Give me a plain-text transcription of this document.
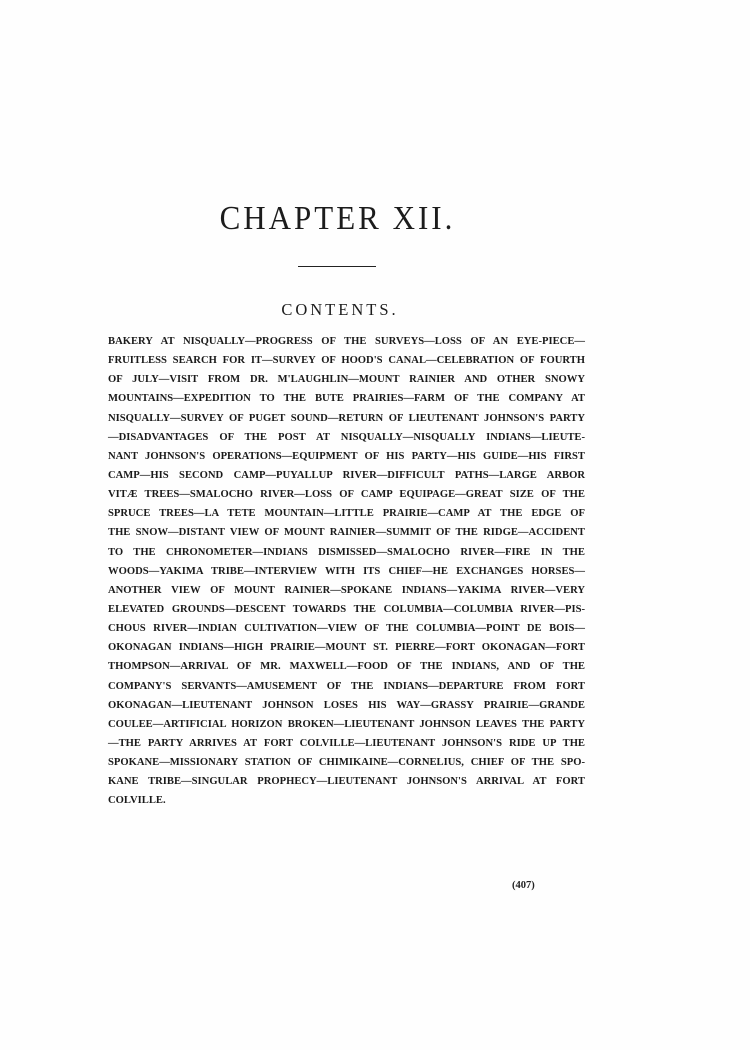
CHAPTER XII.
CONTENTS.
BAKERY AT NISQUALLY—PROGRESS OF THE SURVEYS—LOSS OF AN EYE-PIECE—
FRUITLESS SEARCH FOR IT—SURVEY OF HOOD'S CANAL—CELEBRATION OF FOURTH
OF JULY—VISIT FROM DR. M'LAUGHLIN—MOUNT RAINIER AND OTHER SNOWY
MOUNTAINS—EXPEDITION TO THE BUTE PRAIRIES—FARM OF THE COMPANY AT
NISQUALLY—SURVEY OF PUGET SOUND—RETURN OF LIEUTENANT JOHNSON'S PARTY
—DISADVANTAGES OF THE POST AT NISQUALLY—NISQUALLY INDIANS—LIEUTE-
NANT JOHNSON'S OPERATIONS—EQUIPMENT OF HIS PARTY—HIS GUIDE—HIS FIRST
CAMP—HIS SECOND CAMP—PUYALLUP RIVER—DIFFICULT PATHS—LARGE ARBOR
VITÆ TREES—SMALOCHO RIVER—LOSS OF CAMP EQUIPAGE—GREAT SIZE OF THE
SPRUCE TREES—LA TETE MOUNTAIN—LITTLE PRAIRIE—CAMP AT THE EDGE OF
THE SNOW—DISTANT VIEW OF MOUNT RAINIER—SUMMIT OF THE RIDGE—ACCIDENT
TO THE CHRONOMETER—INDIANS DISMISSED—SMALOCHO RIVER—FIRE IN THE
WOODS—YAKIMA TRIBE—INTERVIEW WITH ITS CHIEF—HE EXCHANGES HORSES—
ANOTHER VIEW OF MOUNT RAINIER—SPOKANE INDIANS—YAKIMA RIVER—VERY
ELEVATED GROUNDS—DESCENT TOWARDS THE COLUMBIA—COLUMBIA RIVER—PIS-
CHOUS RIVER—INDIAN CULTIVATION—VIEW OF THE COLUMBIA—POINT DE BOIS—
OKONAGAN INDIANS—HIGH PRAIRIE—MOUNT ST. PIERRE—FORT OKONAGAN—FORT
THOMPSON—ARRIVAL OF MR. MAXWELL—FOOD OF THE INDIANS, AND OF THE
COMPANY'S SERVANTS—AMUSEMENT OF THE INDIANS—DEPARTURE FROM FORT
OKONAGAN—LIEUTENANT JOHNSON LOSES HIS WAY—GRASSY PRAIRIE—GRANDE
COULEE—ARTIFICIAL HORIZON BROKEN—LIEUTENANT JOHNSON LEAVES THE PARTY
—THE PARTY ARRIVES AT FORT COLVILLE—LIEUTENANT JOHNSON'S RIDE UP THE
SPOKANE—MISSIONARY STATION OF CHIMIKAINE—CORNELIUS, CHIEF OF THE SPO-
KANE TRIBE—SINGULAR PROPHECY—LIEUTENANT JOHNSON'S ARRIVAL AT FORT
COLVILLE.
(407)
